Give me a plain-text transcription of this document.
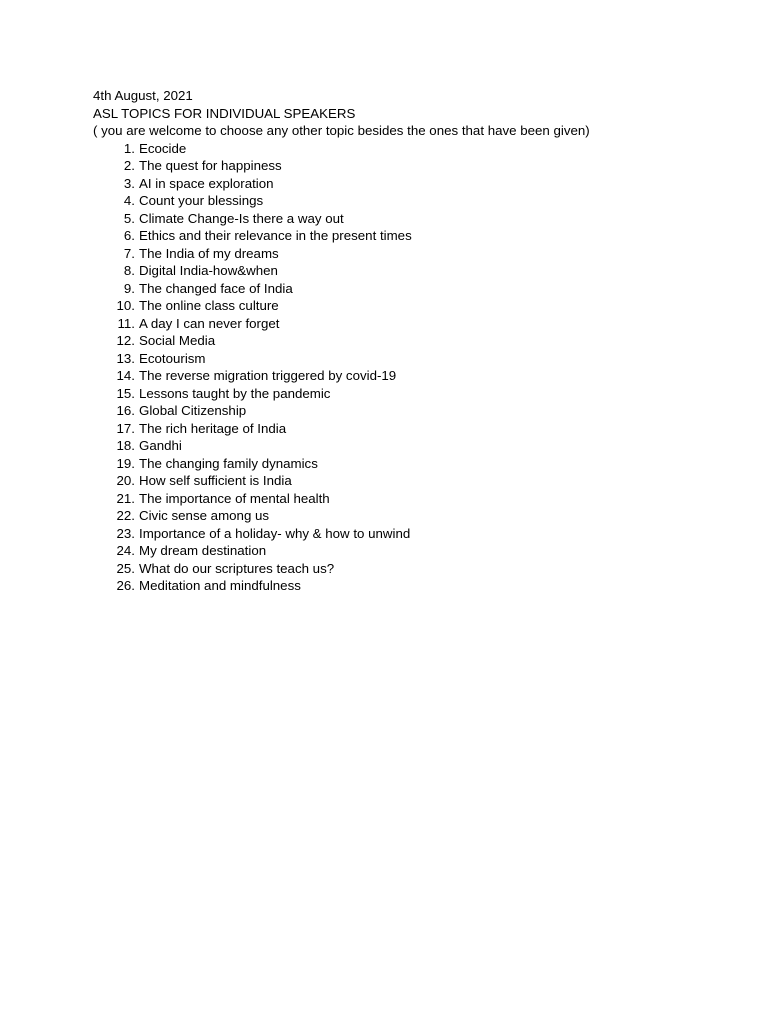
4th August, 2021
ASL TOPICS FOR INDIVIDUAL SPEAKERS
( you are welcome to choose any other topic besides the ones that have been given)
1. Ecocide
2. The quest for happiness
3. AI in space exploration
4. Count your blessings
5. Climate Change-Is there a way out
6. Ethics and their relevance in the present times
7. The India of my dreams
8. Digital India-how&when
9. The changed face of India
10. The online class culture
11. A day I can never forget
12. Social Media
13. Ecotourism
14. The reverse migration triggered by covid-19
15. Lessons taught by the pandemic
16. Global Citizenship
17. The rich heritage of India
18. Gandhi
19. The changing family dynamics
20. How self sufficient is India
21. The importance of mental health
22. Civic sense among us
23. Importance of a holiday- why & how to unwind
24. My dream destination
25. What do our scriptures teach us?
26. Meditation and mindfulness
